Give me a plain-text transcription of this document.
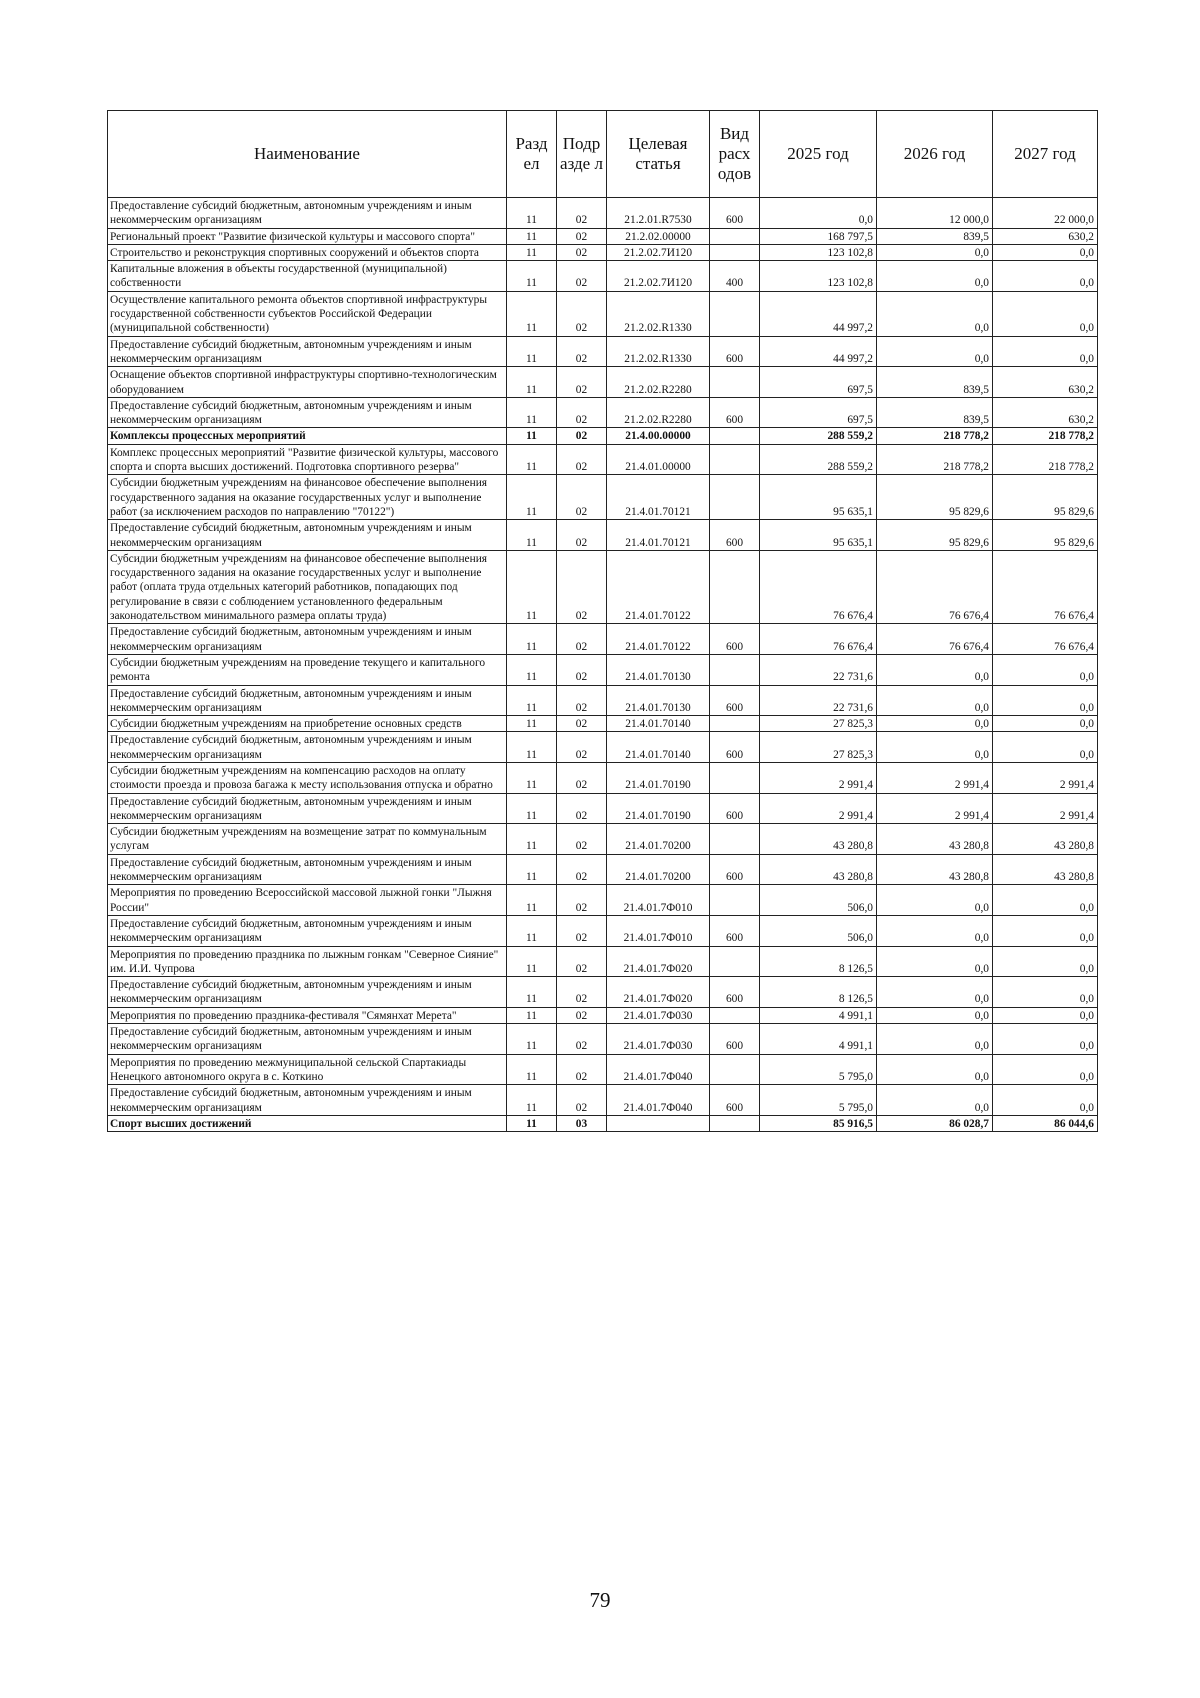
Наименование	Разд ел	Подр азде л	Целевая статья	Вид расх одов	2025 год	2026 год	2027 год
Предоставление субсидий бюджетным, автономным учреждениям и иным некоммерческим организациям	11	02	21.2.01.R7530	600	0,0	12 000,0	22 000,0
Региональный проект "Развитие физической культуры и массового спорта"	11	02	21.2.02.00000		168 797,5	839,5	630,2
Строительство и реконструкция спортивных сооружений и объектов спорта	11	02	21.2.02.7И120		123 102,8	0,0	0,0
Капитальные вложения в объекты государственной (муниципальной) собственности	11	02	21.2.02.7И120	400	123 102,8	0,0	0,0
Осуществление капитального ремонта объектов спортивной инфраструктуры государственной собственности субъектов Российской Федерации (муниципальной собственности)	11	02	21.2.02.R1330		44 997,2	0,0	0,0
Предоставление субсидий бюджетным, автономным учреждениям и иным некоммерческим организациям	11	02	21.2.02.R1330	600	44 997,2	0,0	0,0
Оснащение объектов спортивной инфраструктуры спортивно-технологическим оборудованием	11	02	21.2.02.R2280		697,5	839,5	630,2
Предоставление субсидий бюджетным, автономным учреждениям и иным некоммерческим организациям	11	02	21.2.02.R2280	600	697,5	839,5	630,2
Комплексы процессных мероприятий	11	02	21.4.00.00000		288 559,2	218 778,2	218 778,2
Комплекс процессных мероприятий "Развитие физической культуры, массового спорта и спорта высших достижений. Подготовка спортивного резерва"	11	02	21.4.01.00000		288 559,2	218 778,2	218 778,2
Субсидии бюджетным учреждениям на финансовое обеспечение выполнения государственного задания на оказание государственных услуг и выполнение работ (за исключением расходов по направлению "70122")	11	02	21.4.01.70121		95 635,1	95 829,6	95 829,6
Предоставление субсидий бюджетным, автономным учреждениям и иным некоммерческим организациям	11	02	21.4.01.70121	600	95 635,1	95 829,6	95 829,6
Субсидии бюджетным учреждениям на финансовое обеспечение выполнения государственного задания на оказание государственных услуг и выполнение работ (оплата труда отдельных категорий работников, попадающих под регулирование в связи с соблюдением установленного федеральным законодательством минимального размера оплаты труда)	11	02	21.4.01.70122		76 676,4	76 676,4	76 676,4
Предоставление субсидий бюджетным, автономным учреждениям и иным некоммерческим организациям	11	02	21.4.01.70122	600	76 676,4	76 676,4	76 676,4
Субсидии бюджетным учреждениям на проведение текущего и капитального ремонта	11	02	21.4.01.70130		22 731,6	0,0	0,0
Предоставление субсидий бюджетным, автономным учреждениям и иным некоммерческим организациям	11	02	21.4.01.70130	600	22 731,6	0,0	0,0
Субсидии бюджетным учреждениям на приобретение основных средств	11	02	21.4.01.70140		27 825,3	0,0	0,0
Предоставление субсидий бюджетным, автономным учреждениям и иным некоммерческим организациям	11	02	21.4.01.70140	600	27 825,3	0,0	0,0
Субсидии бюджетным учреждениям на компенсацию расходов на оплату стоимости проезда и провоза багажа к месту использования отпуска и обратно	11	02	21.4.01.70190		2 991,4	2 991,4	2 991,4
Предоставление субсидий бюджетным, автономным учреждениям и иным некоммерческим организациям	11	02	21.4.01.70190	600	2 991,4	2 991,4	2 991,4
Субсидии бюджетным учреждениям на возмещение затрат по коммунальным услугам	11	02	21.4.01.70200		43 280,8	43 280,8	43 280,8
Предоставление субсидий бюджетным, автономным учреждениям и иным некоммерческим организациям	11	02	21.4.01.70200	600	43 280,8	43 280,8	43 280,8
Мероприятия по проведению Всероссийской массовой лыжной гонки "Лыжня России"	11	02	21.4.01.7Ф010		506,0	0,0	0,0
Предоставление субсидий бюджетным, автономным учреждениям и иным некоммерческим организациям	11	02	21.4.01.7Ф010	600	506,0	0,0	0,0
Мероприятия по проведению праздника по лыжным гонкам "Северное Сияние" им. И.И. Чупрова	11	02	21.4.01.7Ф020		8 126,5	0,0	0,0
Предоставление субсидий бюджетным, автономным учреждениям и иным некоммерческим организациям	11	02	21.4.01.7Ф020	600	8 126,5	0,0	0,0
Мероприятия по проведению праздника-фестиваля "Сямянхат Мерета"	11	02	21.4.01.7Ф030		4 991,1	0,0	0,0
Предоставление субсидий бюджетным, автономным учреждениям и иным некоммерческим организациям	11	02	21.4.01.7Ф030	600	4 991,1	0,0	0,0
Мероприятия по проведению межмуниципальной сельской Спартакиады Ненецкого автономного округа в с. Коткино	11	02	21.4.01.7Ф040		5 795,0	0,0	0,0
Предоставление субсидий бюджетным, автономным учреждениям и иным некоммерческим организациям	11	02	21.4.01.7Ф040	600	5 795,0	0,0	0,0
Спорт высших достижений	11	03			85 916,5	86 028,7	86 044,6
79
